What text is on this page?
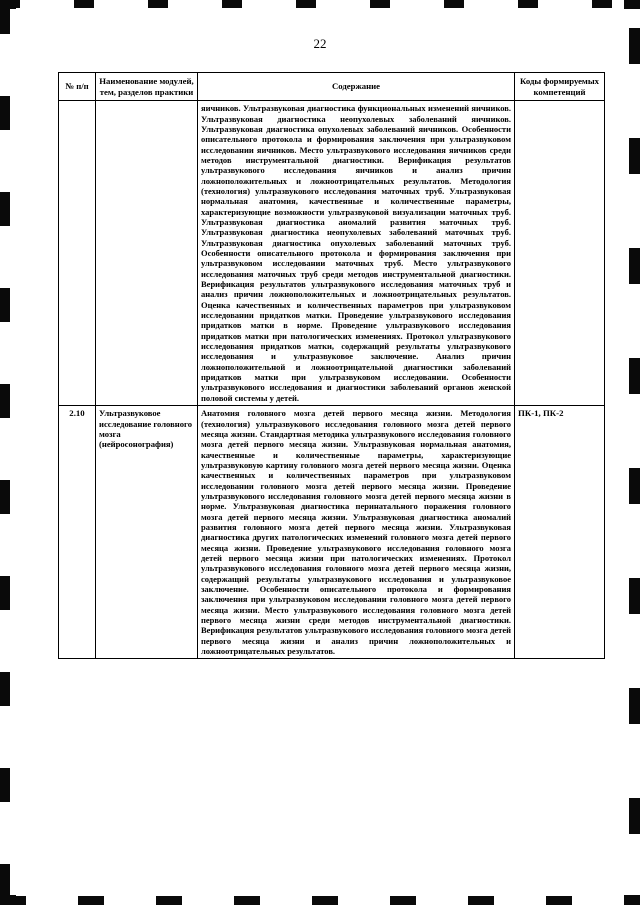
22
№ п/п	Наименование модулей, тем, разделов практики	Содержание	Коды формируемых компетенций
		яичников. Ультразвуковая диагностика функциональных изменений яичников. Ультразвуковая диагностика неопухолевых заболеваний яичников. Ультразвуковая диагностика опухолевых заболеваний яичников. Особенности описательного протокола и формирования заключения при ультразвуковом исследовании яичников. Место ультразвукового исследования яичников среди методов инструментальной диагностики. Верификация результатов ультразвукового исследования яичников и анализ причин ложноположительных и ложноотрицательных результатов. Методология (технология) ультразвукового исследования маточных труб. Ультразвуковая нормальная анатомия, качественные и количественные параметры, характеризующие возможности ультразвуковой визуализации маточных труб. Ультразвуковая диагностика аномалий развития маточных труб. Ультразвуковая диагностика неопухолевых заболеваний маточных труб. Ультразвуковая диагностика опухолевых заболеваний маточных труб. Особенности описательного протокола и формирования заключения при ультразвуковом исследовании маточных труб. Место ультразвукового исследования маточных труб среди методов инструментальной диагностики. Верификация результатов ультразвукового исследования маточных труб и анализ причин ложноположительных и ложноотрицательных результатов. Оценка качественных и количественных параметров при ультразвуковом исследовании придатков матки. Проведение ультразвукового исследования придатков матки в норме. Проведение ультразвукового исследования придатков матки при патологических изменениях. Протокол ультразвукового исследования придатков матки, содержащий результаты ультразвукового исследования и ультразвуковое заключение. Анализ причин ложноположительной и ложноотрицательной диагностики заболеваний придатков матки при ультразвуковом исследовании. Особенности ультразвукового исследования и диагностики заболеваний органов женской половой системы у детей.	
2.10	Ультразвуковое исследование головного мозга (нейросонография)	Анатомия головного мозга детей первого месяца жизни. Методология (технология) ультразвукового исследования головного мозга детей первого месяца жизни. Стандартная методика ультразвукового исследования головного мозга детей первого месяца жизни. Ультразвуковая нормальная анатомия, качественные и количественные параметры, характеризующие ультразвуковую картину головного мозга детей первого месяца жизни. Оценка качественных и количественных параметров при ультразвуковом исследовании головного мозга детей первого месяца жизни. Проведение ультразвукового исследования головного мозга детей первого месяца жизни в норме. Ультразвуковая диагностика перинатального поражения головного мозга детей первого месяца жизни. Ультразвуковая диагностика аномалий развития головного мозга детей первого месяца жизни. Ультразвуковая диагностика других патологических изменений головного мозга детей первого месяца жизни. Проведение ультразвукового исследования головного мозга детей первого месяца жизни при патологических изменениях. Протокол ультразвукового исследования головного мозга детей первого месяца жизни, содержащий результаты ультразвукового исследования и ультразвуковое заключение. Особенности описательного протокола и формирования заключения при ультразвуковом исследовании головного мозга детей первого месяца жизни. Место ультразвукового исследования головного мозга детей первого месяца жизни среди методов инструментальной диагностики. Верификация результатов ультразвукового исследования головного мозга детей первого месяца жизни и анализ причин ложноположительных и ложноотрицательных результатов.	ПК-1, ПК-2
